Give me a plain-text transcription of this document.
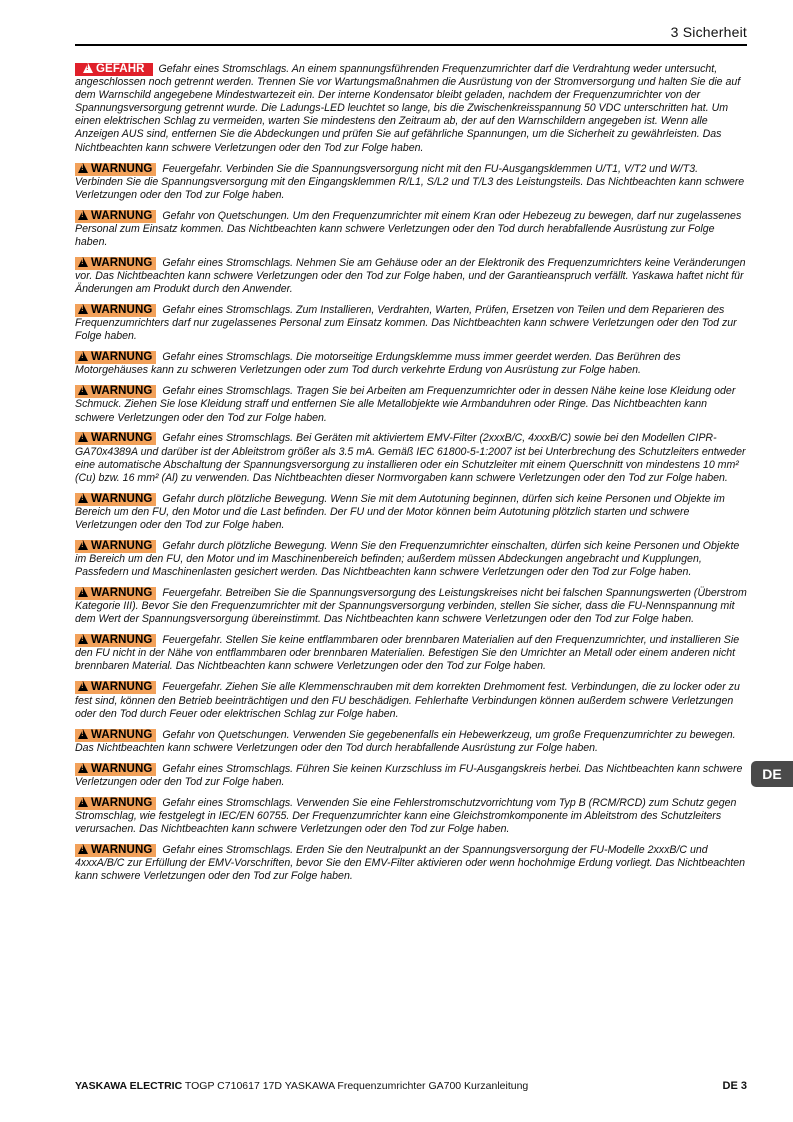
3 Sicherheit
!GEFAHR Gefahr eines Stromschlags. An einem spannungsführenden Frequenzumrichter darf die Verdrahtung weder untersucht, angeschlossen noch getrennt werden. Trennen Sie vor Wartungsmaßnahmen die Ausrüstung von der Stromversorgung und halten Sie die auf dem Warnschild angegebene Mindestwartezeit ein. Der interne Kondensator bleibt geladen, nachdem der Frequenzumrichter von der Spannungsversorgung getrennt wurde. Die Ladungs-LED leuchtet so lange, bis die Zwischenkreisspannung 50 VDC unterschritten hat. Um einen elektrischen Schlag zu vermeiden, warten Sie mindestens den Zeitraum ab, der auf den Warnschildern angegeben ist. Wenn alle Anzeigen AUS sind, entfernen Sie die Abdeckungen und prüfen Sie auf gefährliche Spannungen, um die Sicherheit zu gewährleisten. Das Nichtbeachten kann schwere Verletzungen oder den Tod zur Folge haben.
!WARNUNG Feuergefahr. Verbinden Sie die Spannungsversorgung nicht mit den FU-Ausgangsklemmen U/T1, V/T2 und W/T3. Verbinden Sie die Spannungsversorgung mit den Eingangsklemmen R/L1, S/L2 und T/L3 des Leistungsteils. Das Nichtbeachten kann schwere Verletzungen oder den Tod zur Folge haben.
!WARNUNG Gefahr von Quetschungen. Um den Frequenzumrichter mit einem Kran oder Hebezeug zu bewegen, darf nur zugelassenes Personal zum Einsatz kommen. Das Nichtbeachten kann schwere Verletzungen oder den Tod durch herabfallende Ausrüstung zur Folge haben.
!WARNUNG Gefahr eines Stromschlags. Nehmen Sie am Gehäuse oder an der Elektronik des Frequenzumrichters keine Veränderungen vor. Das Nichtbeachten kann schwere Verletzungen oder den Tod zur Folge haben, und der Garantieanspruch verfällt. Yaskawa haftet nicht für Änderungen am Produkt durch den Anwender.
!WARNUNG Gefahr eines Stromschlags. Zum Installieren, Verdrahten, Warten, Prüfen, Ersetzen von Teilen und dem Reparieren des Frequenzumrichters darf nur zugelassenes Personal zum Einsatz kommen. Das Nichtbeachten kann schwere Verletzungen oder den Tod zur Folge haben.
!WARNUNG Gefahr eines Stromschlags. Die motorseitige Erdungsklemme muss immer geerdet werden. Das Berühren des Motorgehäuses kann zu schweren Verletzungen oder zum Tod durch verkehrte Erdung von Ausrüstung zur Folge haben.
!WARNUNG Gefahr eines Stromschlags. Tragen Sie bei Arbeiten am Frequenzumrichter oder in dessen Nähe keine lose Kleidung oder Schmuck. Ziehen Sie lose Kleidung straff und entfernen Sie alle Metallobjekte wie Armbanduhren oder Ringe. Das Nichtbeachten kann schwere Verletzungen oder den Tod zur Folge haben.
!WARNUNG Gefahr eines Stromschlags. Bei Geräten mit aktiviertem EMV-Filter (2xxxB/C, 4xxxB/C) sowie bei den Modellen CIPR-GA70x4389A und darüber ist der Ableitstrom größer als 3.5 mA. Gemäß IEC 61800-5-1:2007 ist bei Unterbrechung des Schutzleiters entweder eine automatische Abschaltung der Spannungsversorgung zu installieren oder ein Schutzleiter mit einem Querschnitt von mindestens 10 mm² (Cu) bzw. 16 mm² (Al) zu verwenden. Das Nichtbeachten dieser Normvorgaben kann schwere Verletzungen oder den Tod zur Folge haben.
!WARNUNG Gefahr durch plötzliche Bewegung. Wenn Sie mit dem Autotuning beginnen, dürfen sich keine Personen und Objekte im Bereich um den FU, den Motor und die Last befinden. Der FU und der Motor können beim Autotuning plötzlich starten und schwere Verletzungen oder den Tod zur Folge haben.
!WARNUNG Gefahr durch plötzliche Bewegung. Wenn Sie den Frequenzumrichter einschalten, dürfen sich keine Personen und Objekte im Bereich um den FU, den Motor und im Maschinenbereich befinden; außerdem müssen Abdeckungen angebracht und Kupplungen, Passfedern und Maschinenlasten gesichert werden. Das Nichtbeachten kann schwere Verletzungen oder den Tod zur Folge haben.
!WARNUNG Feuergefahr. Betreiben Sie die Spannungsversorgung des Leistungskreises nicht bei falschen Spannungswerten (Überstrom Kategorie III). Bevor Sie den Frequenzumrichter mit der Spannungsversorgung verbinden, stellen Sie sicher, dass die FU-Nennspannung mit dem Wert der Spannungsversorgung übereinstimmt. Das Nichtbeachten kann schwere Verletzungen oder den Tod zur Folge haben.
!WARNUNG Feuergefahr. Stellen Sie keine entflammbaren oder brennbaren Materialien auf den Frequenzumrichter, und installieren Sie den FU nicht in der Nähe von entflammbaren oder brennbaren Materialien. Befestigen Sie den Umrichter an Metall oder einem anderen nicht brennbaren Material. Das Nichtbeachten kann schwere Verletzungen oder den Tod zur Folge haben.
!WARNUNG Feuergefahr. Ziehen Sie alle Klemmenschrauben mit dem korrekten Drehmoment fest. Verbindungen, die zu locker oder zu fest sind, können den Betrieb beeinträchtigen und den FU beschädigen. Fehlerhafte Verbindungen können außerdem schwere Verletzungen oder den Tod durch Feuer oder elektrischen Schlag zur Folge haben.
!WARNUNG Gefahr von Quetschungen. Verwenden Sie gegebenenfalls ein Hebewerkzeug, um große Frequenzumrichter zu bewegen. Das Nichtbeachten kann schwere Verletzungen oder den Tod durch herabfallende Ausrüstung zur Folge haben.
!WARNUNG Gefahr eines Stromschlags. Führen Sie keinen Kurzschluss im FU-Ausgangskreis herbei. Das Nichtbeachten kann schwere Verletzungen oder den Tod zur Folge haben.
!WARNUNG Gefahr eines Stromschlags. Verwenden Sie eine Fehlerstromschutzvorrichtung vom Typ B (RCM/RCD) zum Schutz gegen Stromschlag, wie festgelegt in IEC/EN 60755. Der Frequenzumrichter kann eine Gleichstromkomponente im Ableitstrom des Schutzleiters verursachen. Das Nichtbeachten kann schwere Verletzungen oder den Tod zur Folge haben.
!WARNUNG Gefahr eines Stromschlags. Erden Sie den Neutralpunkt an der Spannungsversorgung der FU-Modelle 2xxxB/C und 4xxxA/B/C zur Erfüllung der EMV-Vorschriften, bevor Sie den EMV-Filter aktivieren oder wenn hochohmige Erdung vorliegt. Das Nichtbeachten kann schwere Verletzungen oder den Tod zur Folge haben.
DE
YASKAWA ELECTRIC TOGP C710617 17D YASKAWA Frequenzumrichter GA700 Kurzanleitung	DE 3
